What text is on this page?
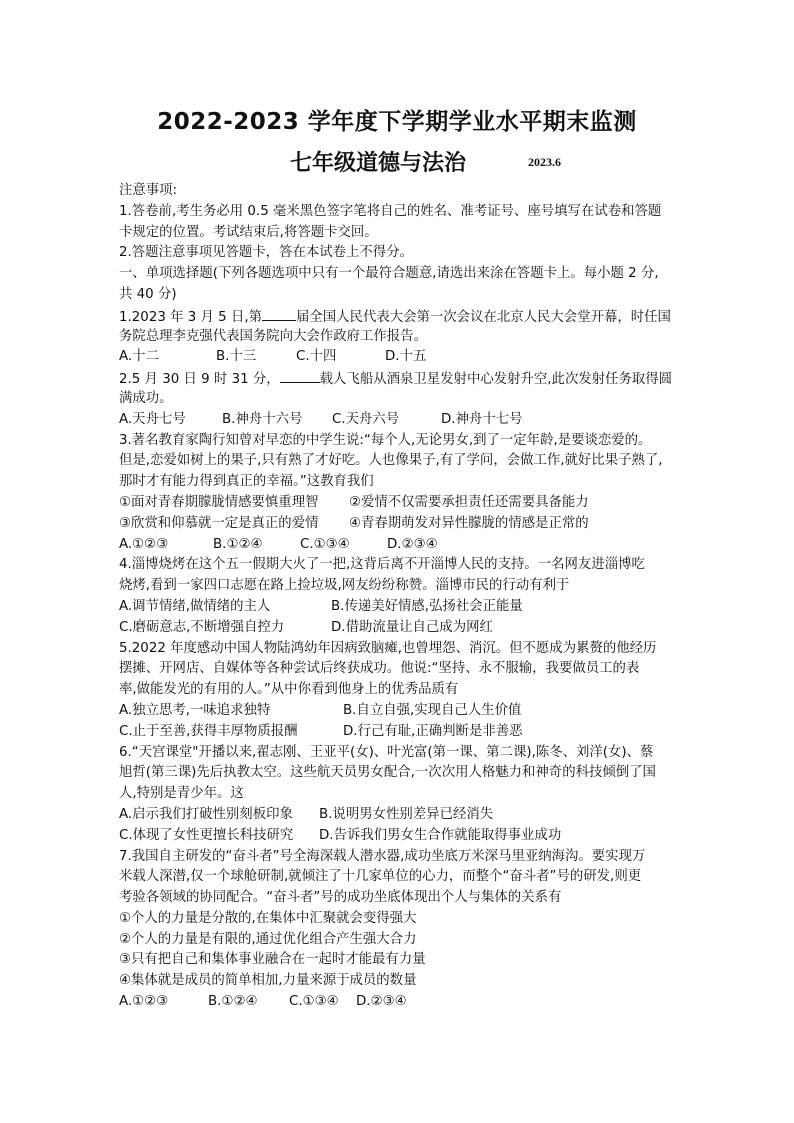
2022-2023 学年度下学期学业水平期末监测
七年级道德与法治	2023.6
注意事项:
1.答卷前,考生务必用 0.5 毫米黑色签字笔将自己的姓名、准考证号、座号填写在试卷和答题
卡规定的位置。考试结束后,将答题卡交回。
2.答题注意事项见答题卡，答在本试卷上不得分。
一、单项选择题(下列各题选项中只有一个最符合题意,请选出来涂在答题卡上。每小题 2 分,
共 40 分)
1.2023 年 3 月 5 日,第	届全国人民代表大会第一次会议在北京人民大会堂开幕，时任国
务院总理李克强代表国务院向大会作政府工作报告。
A.十二	B.十三	C.十四	D.十五
2.5 月 30 日 9 时 31 分，	载人飞船从酒泉卫星发射中心发射升空,此次发射任务取得圆
满成功。
A.天舟七号	B.神舟十六号 C.天舟六号	D.神舟十七号
3.著名教育家陶行知曾对早恋的中学生说:“每个人,无论男女,到了一定年龄,是要谈恋爱的。
但是,恋爱如树上的果子,只有熟了才好吃。人也像果子,有了学问，会做工作,就好比果子熟了,
那时才有能力得到真正的幸福。”这教育我们
①面对青春期朦胧情感要慎重理智 ②爱情不仅需要承担责任还需要具备能力
③欣赏和仰慕就一定是真正的爱情 ④青春期萌发对异性朦胧的情感是正常的
A.①②③	B.①②④	C.①③④	D.②③④
4.淄博烧烤在这个五一假期大火了一把,这背后离不开淄博人民的支持。一名网友进淄博吃
烧烤,看到一家四口志愿在路上捡垃圾,网友纷纷称赞。淄博市民的行动有利于
A.调节情绪,做情绪的主人	B.传递美好情感,弘扬社会正能量
C.磨砺意志,不断增强自控力	D.借助流量让自己成为网红
5.2022 年度感动中国人物陆鸿幼年因病致脑瘫,也曾埋怨、消沉。但不愿成为累赘的他经历
摆摊、开网店、自媒体等各种尝试后终获成功。他说:“坚持、永不服输，我要做员工的表
率,做能发光的有用的人。”从中你看到他身上的优秀品质有
A.独立思考,一味追求独特	B.自立自强,实现自己人生价值
C.止于至善,获得丰厚物质报酬	D.行己有耻,正确判断是非善恶
6.“天宫课堂"开播以来,翟志刚、王亚平(女)、叶光富(第一课、第二课),陈冬、刘洋(女)、蔡
旭哲(第三课)先后执教太空。这些航天员男女配合,一次次用人格魅力和神奇的科技倾倒了国
人,特别是青少年。这
A.启示我们打破性别刻板印象 B.说明男女性别差异已经消失
C.体现了女性更擅长科技研究 D.告诉我们男女生合作就能取得事业成功
7.我国自主研发的“奋斗者”号全海深载人潜水器,成功坐底万米深马里亚纳海沟。要实现万
米载人深潜,仅一个球舱研制,就倾注了十几家单位的心力，而整个“奋斗者”号的研发,则更
考验各领域的协同配合。“奋斗者”号的成功坐底体现出个人与集体的关系有
①个人的力量是分散的,在集体中汇聚就会变得强大
②个人的力量是有限的,通过优化组合产生强大合力
③只有把自己和集体事业融合在一起时才能最有力量
④集体就是成员的简单相加,力量来源于成员的数量
A.①②③	B.①②④ C.①③④ D.②③④
